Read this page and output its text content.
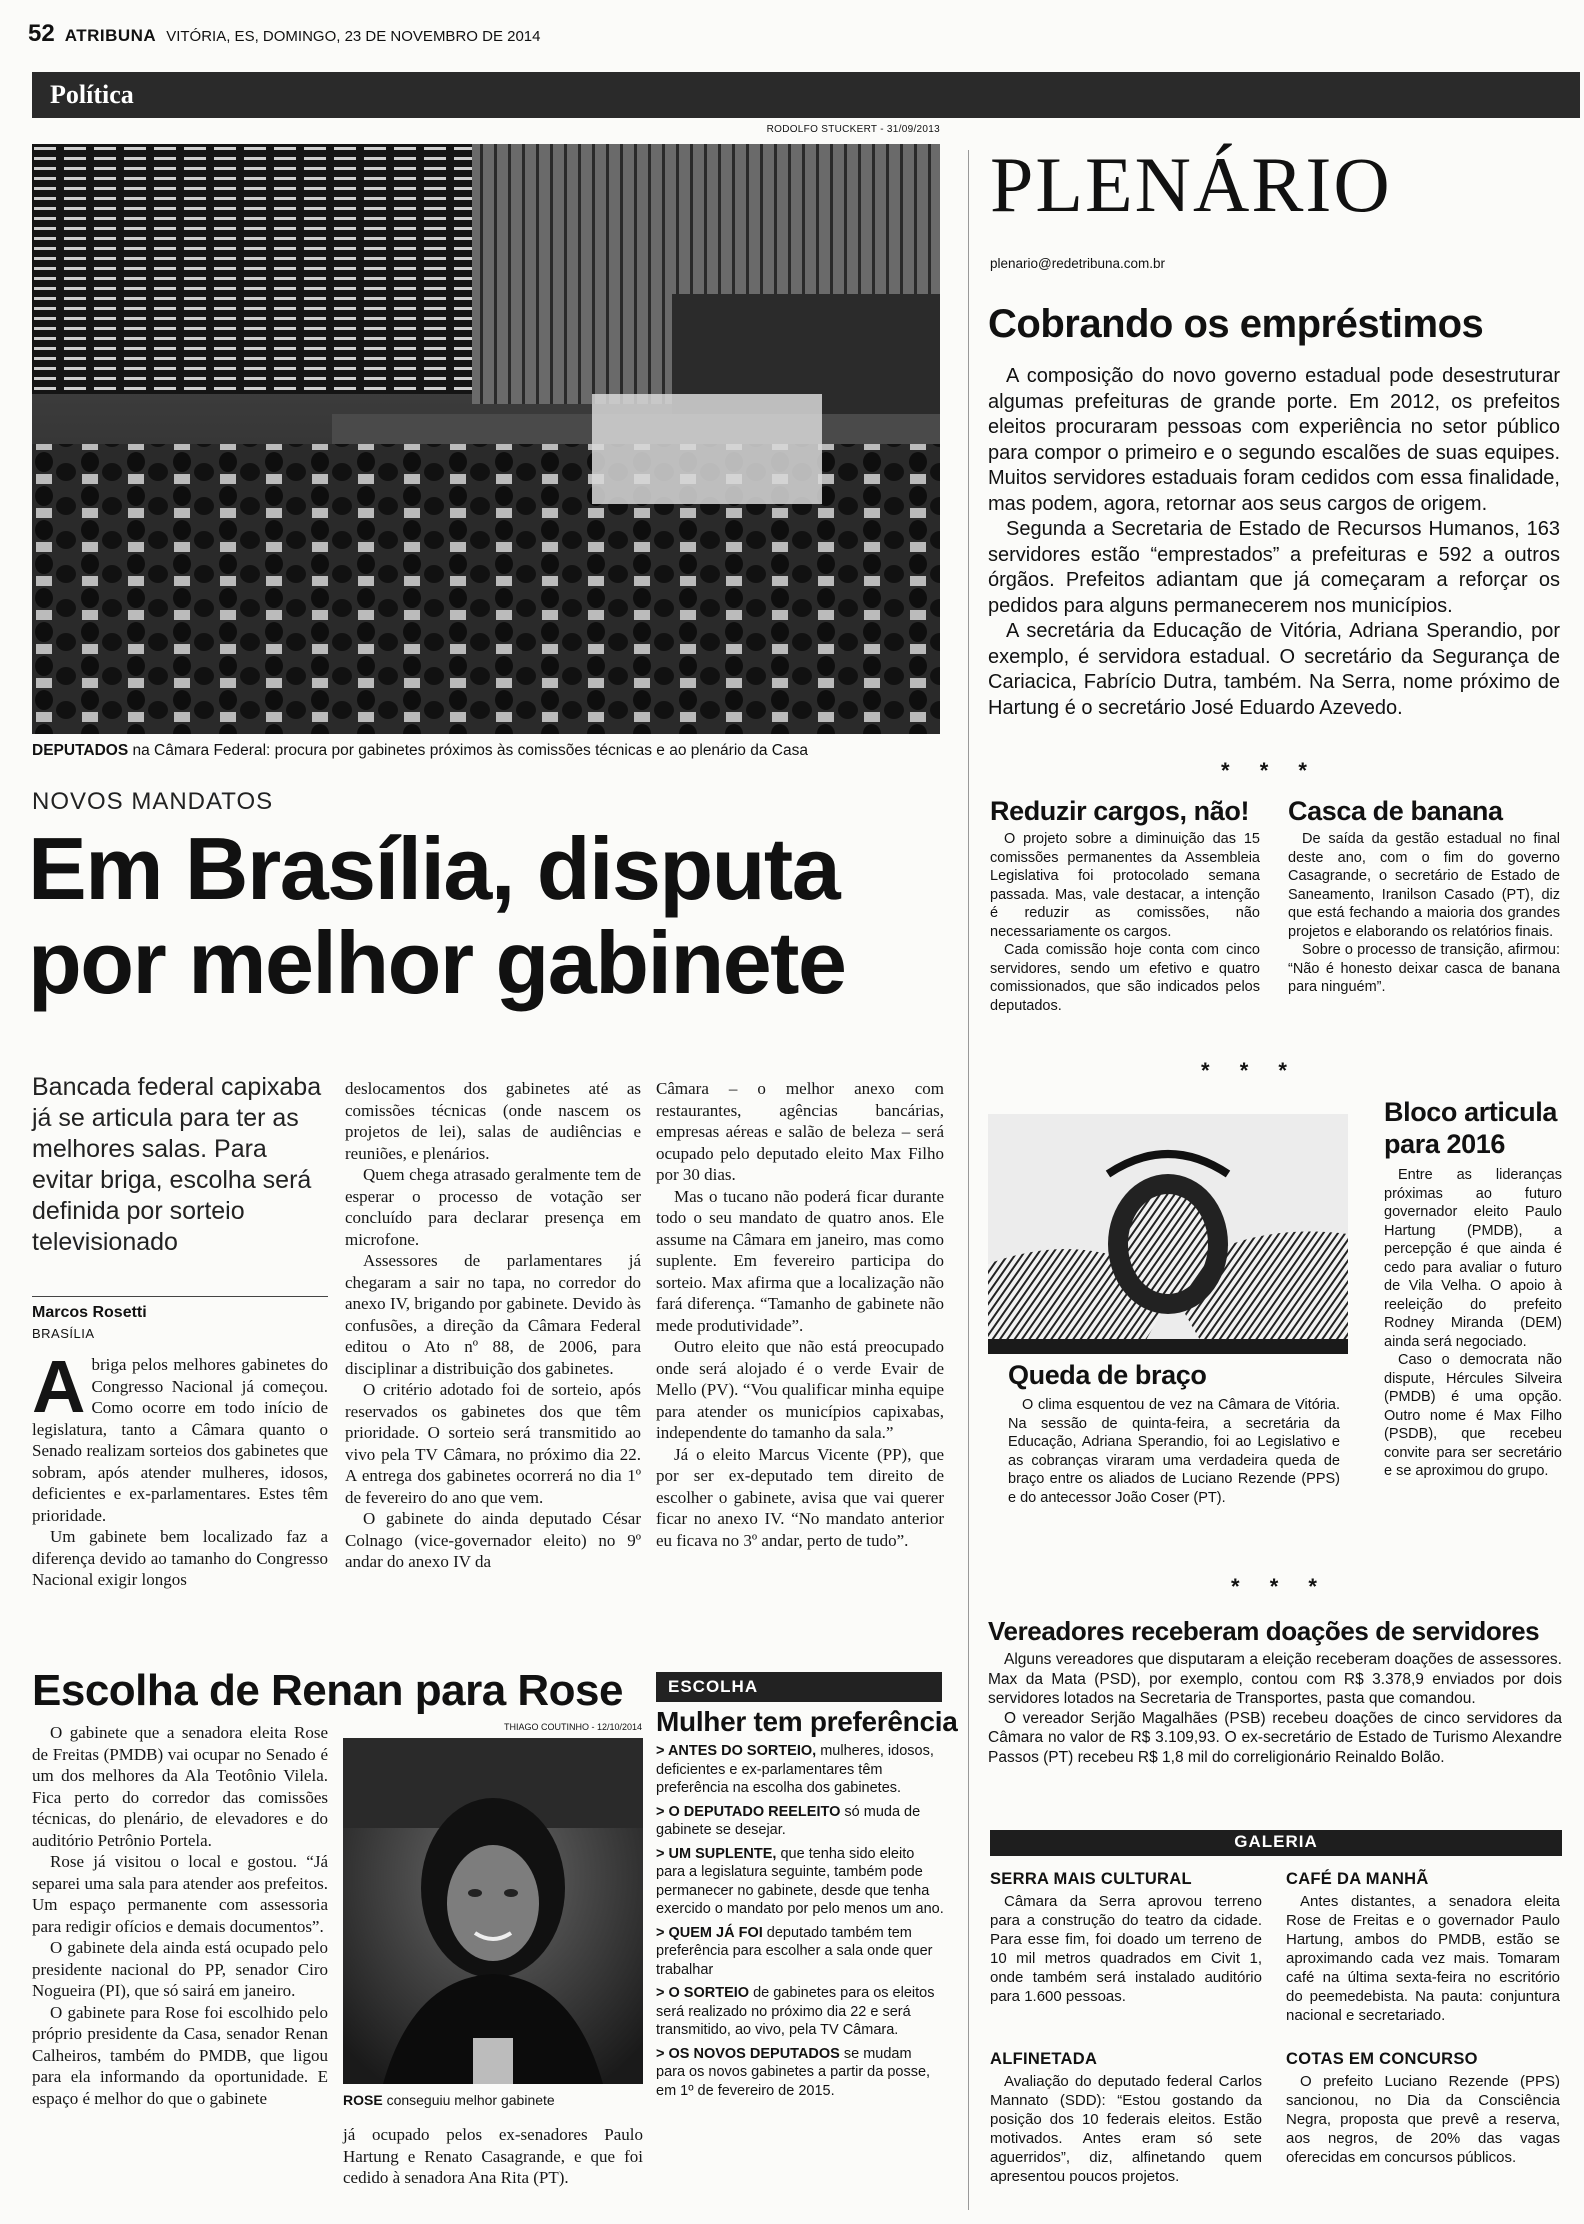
52 ATRIBUNA VITÓRIA, ES, DOMINGO, 23 DE NOVEMBRO DE 2014
Política
RODOLFO STUCKERT - 31/09/2013
DEPUTADOS na Câmara Federal: procura por gabinetes próximos às comissões técnicas e ao plenário da Casa
NOVOS MANDATOS
Em Brasília, disputa por melhor gabinete
Bancada federal capixaba já se articula para ter as melhores salas. Para evitar briga, escolha será definida por sorteio televisionado
Marcos Rosetti
BRASÍLIA

A briga pelos melhores gabinetes do Congresso Nacional já começou. Como ocorre em todo início de legislatura, tanto a Câmara quanto o Senado realizam sorteios dos gabinetes que sobram, após atender mulheres, idosos, deficientes e ex-parlamentares. Estes têm prioridade.

Um gabinete bem localizado faz a diferença devido ao tamanho do Congresso Nacional exigir longos

deslocamentos dos gabinetes até as comissões técnicas (onde nascem os projetos de lei), salas de audiências e reuniões, e plenários.

Quem chega atrasado geralmente tem de esperar o processo de votação ser concluído para declarar presença em microfone.

Assessores de parlamentares já chegaram a sair no tapa, no corredor do anexo IV, brigando por gabinete. Devido às confusões, a direção da Câmara Federal editou o Ato nº 88, de 2006, para disciplinar a distribuição dos gabinetes.

O critério adotado foi de sorteio, após reservados os gabinetes dos que têm prioridade. O sorteio será transmitido ao vivo pela TV Câmara, no próximo dia 22. A entrega dos gabinetes ocorrerá no dia 1º de fevereiro do ano que vem.

O gabinete do ainda deputado César Colnago (vice-governador eleito) no 9º andar do anexo IV da

Câmara – o melhor anexo com restaurantes, agências bancárias, empresas aéreas e salão de beleza – será ocupado pelo deputado eleito Max Filho por 30 dias.

Mas o tucano não poderá ficar durante todo o seu mandato de quatro anos. Ele assume na Câmara em janeiro, mas como suplente. Em fevereiro participa do sorteio. Max afirma que a localização não fará diferença. “Tamanho de gabinete não mede produtividade”.

Outro eleito que não está preocupado onde será alojado é o verde Evair de Mello (PV). “Vou qualificar minha equipe para atender os municípios capixabas, independente do tamanho da sala.”

Já o eleito Marcus Vicente (PP), que por ser ex-deputado tem direito de escolher o gabinete, avisa que vai querer ficar no anexo IV. “No mandato anterior eu ficava no 3º andar, perto de tudo”.

Escolha de Renan para Rose

O gabinete que a senadora eleita Rose de Freitas (PMDB) vai ocupar no Senado é um dos melhores da Ala Teotônio Vilela. Fica perto do corredor das comissões técnicas, do plenário, de elevadores e do auditório Petrônio Portela.

Rose já visitou o local e gostou. “Já separei uma sala para atender aos prefeitos. Um espaço permanente com assessoria para redigir ofícios e demais documentos”.

O gabinete dela ainda está ocupado pelo presidente nacional do PP, senador Ciro Nogueira (PI), que só sairá em janeiro.

O gabinete para Rose foi escolhido pelo próprio presidente da Casa, senador Renan Calheiros, também do PMDB, que ligou para ela informando da oportunidade. E espaço é melhor do que o gabinete

THIAGO COUTINHO - 12/10/2014
ROSE conseguiu melhor gabinete

já ocupado pelos ex-senadores Paulo Hartung e Renato Casagrande, e que foi cedido à senadora Ana Rita (PT).

ESCOLHA
Mulher tem preferência
> ANTES DO SORTEIO, mulheres, idosos, deficientes e ex-parlamentares têm preferência na escolha dos gabinetes.
> O DEPUTADO REELEITO só muda de gabinete se desejar.
> UM SUPLENTE, que tenha sido eleito para a legislatura seguinte, também pode permanecer no gabinete, desde que tenha exercido o mandato por pelo menos um ano.
> QUEM JÁ FOI deputado também tem preferência para escolher a sala onde quer trabalhar
> O SORTEIO de gabinetes para os eleitos será realizado no próximo dia 22 e será transmitido, ao vivo, pela TV Câmara.
> OS NOVOS DEPUTADOS se mudam para os novos gabinetes a partir da posse, em 1º de fevereiro de 2015.
PLENÁRIO
plenario@redetribuna.com.br
Cobrando os empréstimos

A composição do novo governo estadual pode desestruturar algumas prefeituras de grande porte. Em 2012, os prefeitos eleitos procuraram pessoas com experiência no setor público para compor o primeiro e o segundo escalões de suas equipes. Muitos servidores estaduais foram cedidos com essa finalidade, mas podem, agora, retornar aos seus cargos de origem.

Segunda a Secretaria de Estado de Recursos Humanos, 163 servidores estão “emprestados” a prefeituras e 592 a outros órgãos. Prefeitos adiantam que já começaram a reforçar os pedidos para alguns permanecerem nos municípios.

A secretária da Educação de Vitória, Adriana Sperandio, por exemplo, é servidora estadual. O secretário da Segurança de Cariacica, Fabrício Dutra, também. Na Serra, nome próximo de Hartung é o secretário José Eduardo Azevedo.

* * *
Reduzir cargos, não!

O projeto sobre a diminuição das 15 comissões permanentes da Assembleia Legislativa foi protocolado semana passada. Mas, vale destacar, a intenção é reduzir as comissões, não necessariamente os cargos.

Cada comissão hoje conta com cinco servidores, sendo um efetivo e quatro comissionados, que são indicados pelos deputados.

Casca de banana

De saída da gestão estadual no final deste ano, com o fim do governo Casagrande, o secretário de Estado de Saneamento, Iranilson Casado (PT), diz que está fechando a maioria dos grandes projetos e elaborando os relatórios finais.

Sobre o processo de transição, afirmou: “Não é honesto deixar casca de banana para ninguém”.

* * *
Queda de braço

O clima esquentou de vez na Câmara de Vitória. Na sessão de quinta-feira, a secretária da Educação, Adriana Sperandio, foi ao Legislativo e as cobranças viraram uma verdadeira queda de braço entre os aliados de Luciano Rezende (PPS) e do antecessor João Coser (PT).

Bloco articula para 2016

Entre as lideranças próximas ao futuro governador eleito Paulo Hartung (PMDB), a percepção é que ainda é cedo para avaliar o futuro de Vila Velha. O apoio à reeleição do prefeito Rodney Miranda (DEM) ainda será negociado.

Caso o democrata não dispute, Hércules Silveira (PMDB) é uma opção. Outro nome é Max Filho (PSDB), que recebeu convite para ser secretário e se aproximou do grupo.

* * *
Vereadores receberam doações de servidores

Alguns vereadores que disputaram a eleição receberam doações de assessores. Max da Mata (PSD), por exemplo, contou com R$ 3.378,9 enviados por dois servidores lotados na Secretaria de Transportes, pasta que comandou.

O vereador Serjão Magalhães (PSB) recebeu doações de cinco servidores da Câmara no valor de R$ 3.109,93. O ex-secretário de Estado de Turismo Alexandre Passos (PT) recebeu R$ 1,8 mil do correligionário Reinaldo Bolão.

GALERIA
SERRA MAIS CULTURAL

Câmara da Serra aprovou terreno para a construção do teatro da cidade. Para esse fim, foi doado um terreno de 10 mil metros quadrados em Civit 1, onde também será instalado auditório para 1.600 pessoas.

ALFINETADA

Avaliação do deputado federal Carlos Mannato (SDD): “Estou gostando da posição dos 10 federais eleitos. Estão motivados. Antes eram só sete aguerridos”, diz, alfinetando quem apresentou poucos projetos.

CAFÉ DA MANHÃ

Antes distantes, a senadora eleita Rose de Freitas e o governador Paulo Hartung, ambos do PMDB, estão se aproximando cada vez mais. Tomaram café na última sexta-feira no escritório do peemedebista. Na pauta: conjuntura nacional e secretariado.

COTAS EM CONCURSO

O prefeito Luciano Rezende (PPS) sancionou, no Dia da Consciência Negra, proposta que prevê a reserva, aos negros, de 20% das vagas oferecidas em concursos públicos.
